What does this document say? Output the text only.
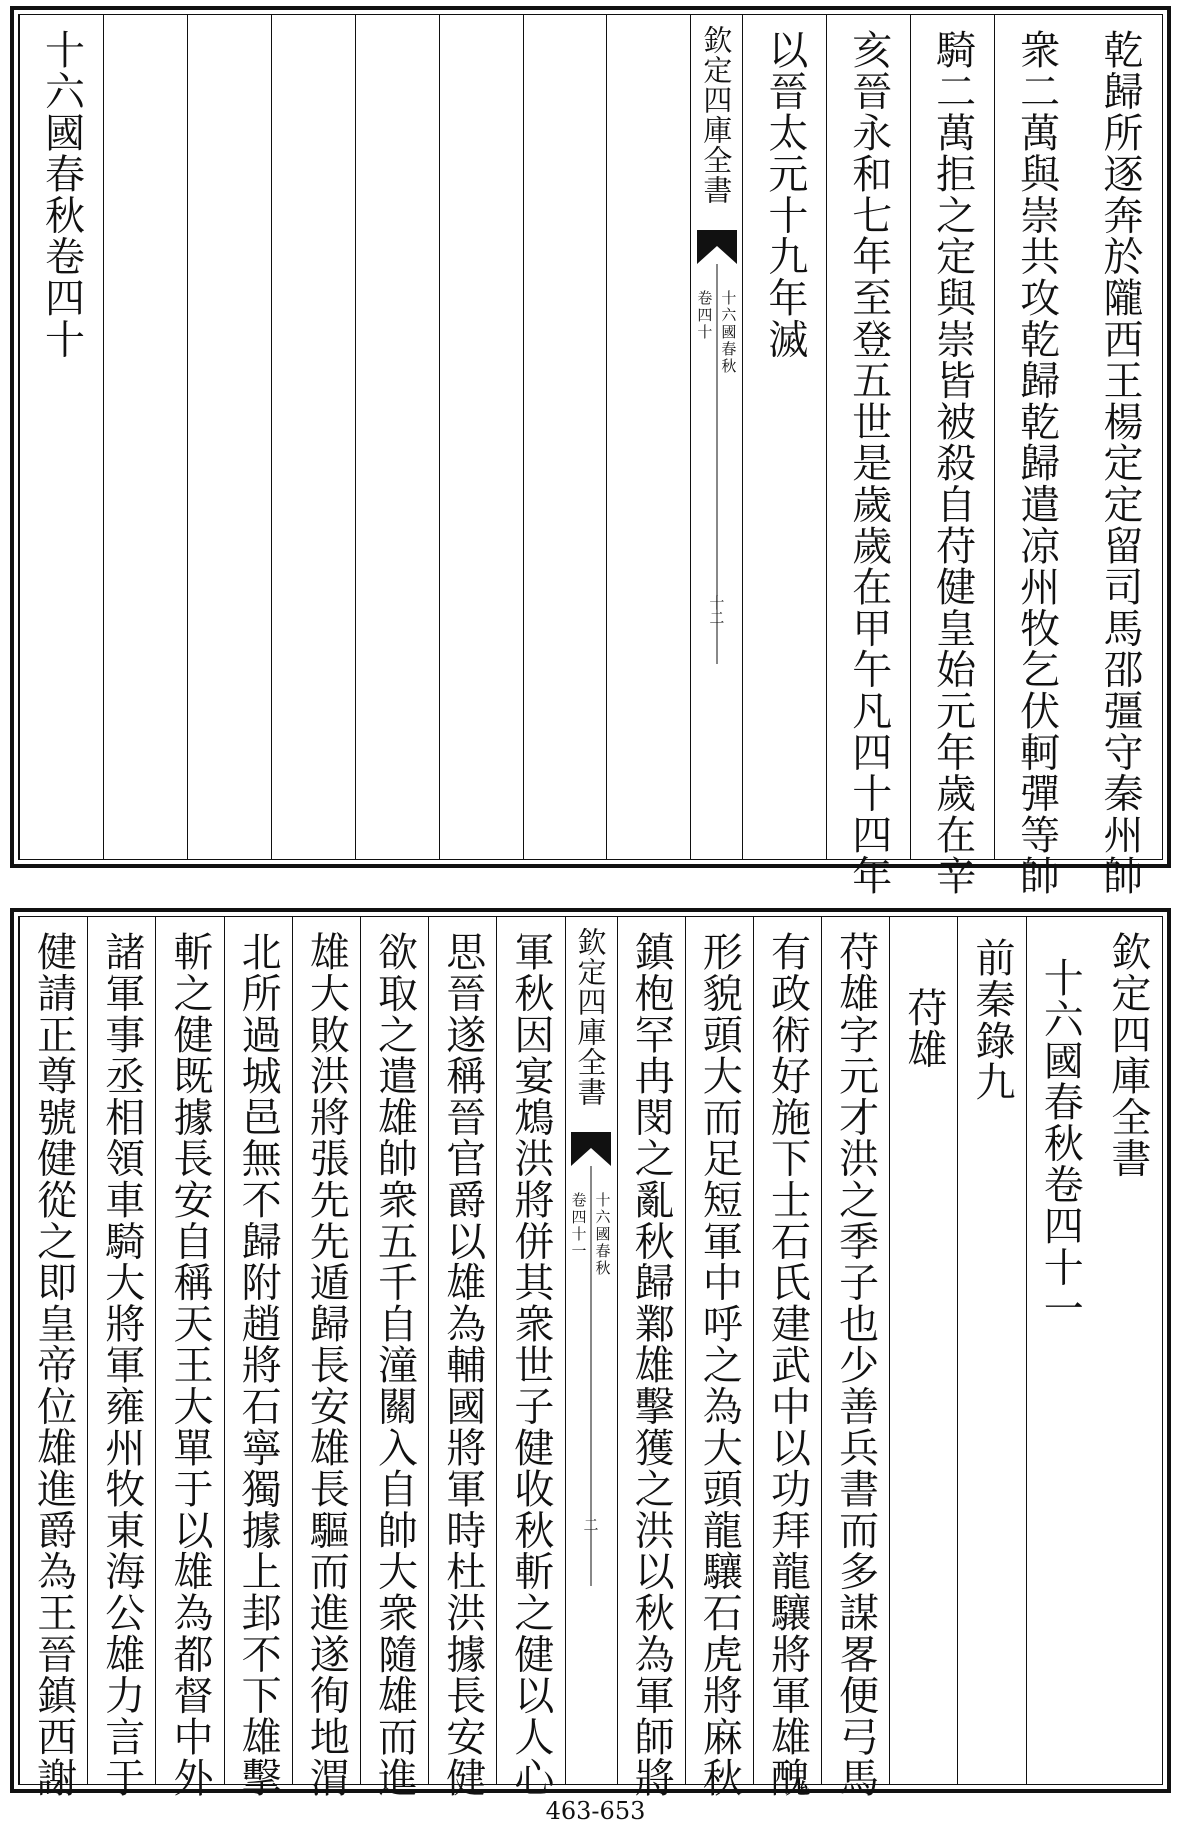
乾歸所逐奔於隴西王楊定定留司馬邵彊守秦州帥
衆二萬與崇共攻乾歸乾歸遣凉州牧乞伏軻彈等帥
騎二萬拒之定與崇皆被殺自苻健皇始元年歲在辛
亥晉永和七年至登五世是歲歲在甲午凡四十四年
以晉太元十九年滅
欽定四庫全書
十六國春秋
卷四十
十二
十六國春秋卷四十
欽定四庫全書
十六國春秋卷四十一
前秦錄九
苻雄
苻雄字元才洪之季子也少善兵書而多謀畧便弓馬
有政術好施下士石氏建武中以功拜龍驤將軍雄醜
形貌頭大而足短軍中呼之為大頭龍驤石虎將麻秋
鎮枹罕冉閔之亂秋歸鄴雄擊獲之洪以秋為軍師將
欽定四庫全書
十六國春秋
卷四十一
二
軍秋因宴鴆洪將併其衆世子健收秋斬之健以人心
思晉遂稱晉官爵以雄為輔國將軍時杜洪據長安健
欲取之遣雄帥衆五千自潼關入自帥大衆隨雄而進
雄大敗洪將張先先遁歸長安雄長驅而進遂徇地渭
北所過城邑無不歸附趙將石寧獨據上邽不下雄擊
斬之健既據長安自稱天王大單于以雄為都督中外
諸軍事丞相領車騎大將軍雍州牧東海公雄力言于
健請正尊號健從之即皇帝位雄進爵為王晉鎮西謝
463-653
